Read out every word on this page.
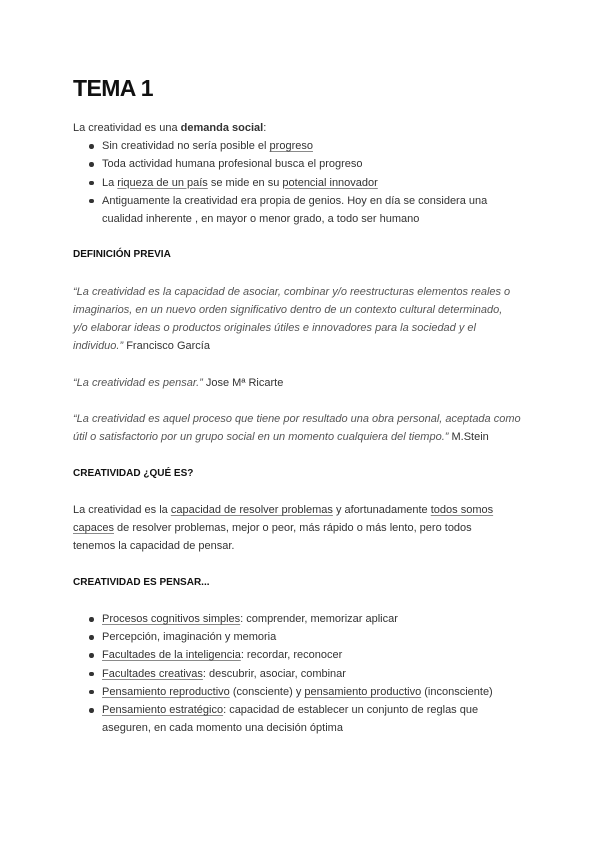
TEMA 1
La creatividad es una demanda social:
Sin creatividad no sería posible el progreso
Toda actividad humana profesional busca el progreso
La riqueza de un país se mide en su potencial innovador
Antiguamente la creatividad era propia de genios. Hoy en día se considera una
cualidad inherente , en mayor o menor grado, a todo ser humano
DEFINICIÓN PREVIA
“La creatividad es la capacidad de asociar, combinar y/o reestructuras elementos reales o
imaginarios, en un nuevo orden significativo dentro de un contexto cultural determinado,
y/o elaborar ideas o productos originales útiles e innovadores para la sociedad y el
individuo.” Francisco García
“La creatividad es pensar.” Jose Mª Ricarte
“La creatividad es aquel proceso que tiene por resultado una obra personal, aceptada como
útil o satisfactorio por un grupo social en un momento cualquiera del tiempo.” M.Stein
CREATIVIDAD ¿QUÉ ES?
La creatividad es la capacidad de resolver problemas y afortunadamente todos somos
capaces de resolver problemas, mejor o peor, más rápido o más lento, pero todos
tenemos la capacidad de pensar.
CREATIVIDAD ES PENSAR...
Procesos cognitivos simples: comprender, memorizar aplicar
Percepción, imaginación y memoria
Facultades de la inteligencia: recordar, reconocer
Facultades creativas: descubrir, asociar, combinar
Pensamiento reproductivo (consciente) y pensamiento productivo (inconsciente)
Pensamiento estratégico: capacidad de establecer un conjunto de reglas que
aseguren, en cada momento una decisión óptima
